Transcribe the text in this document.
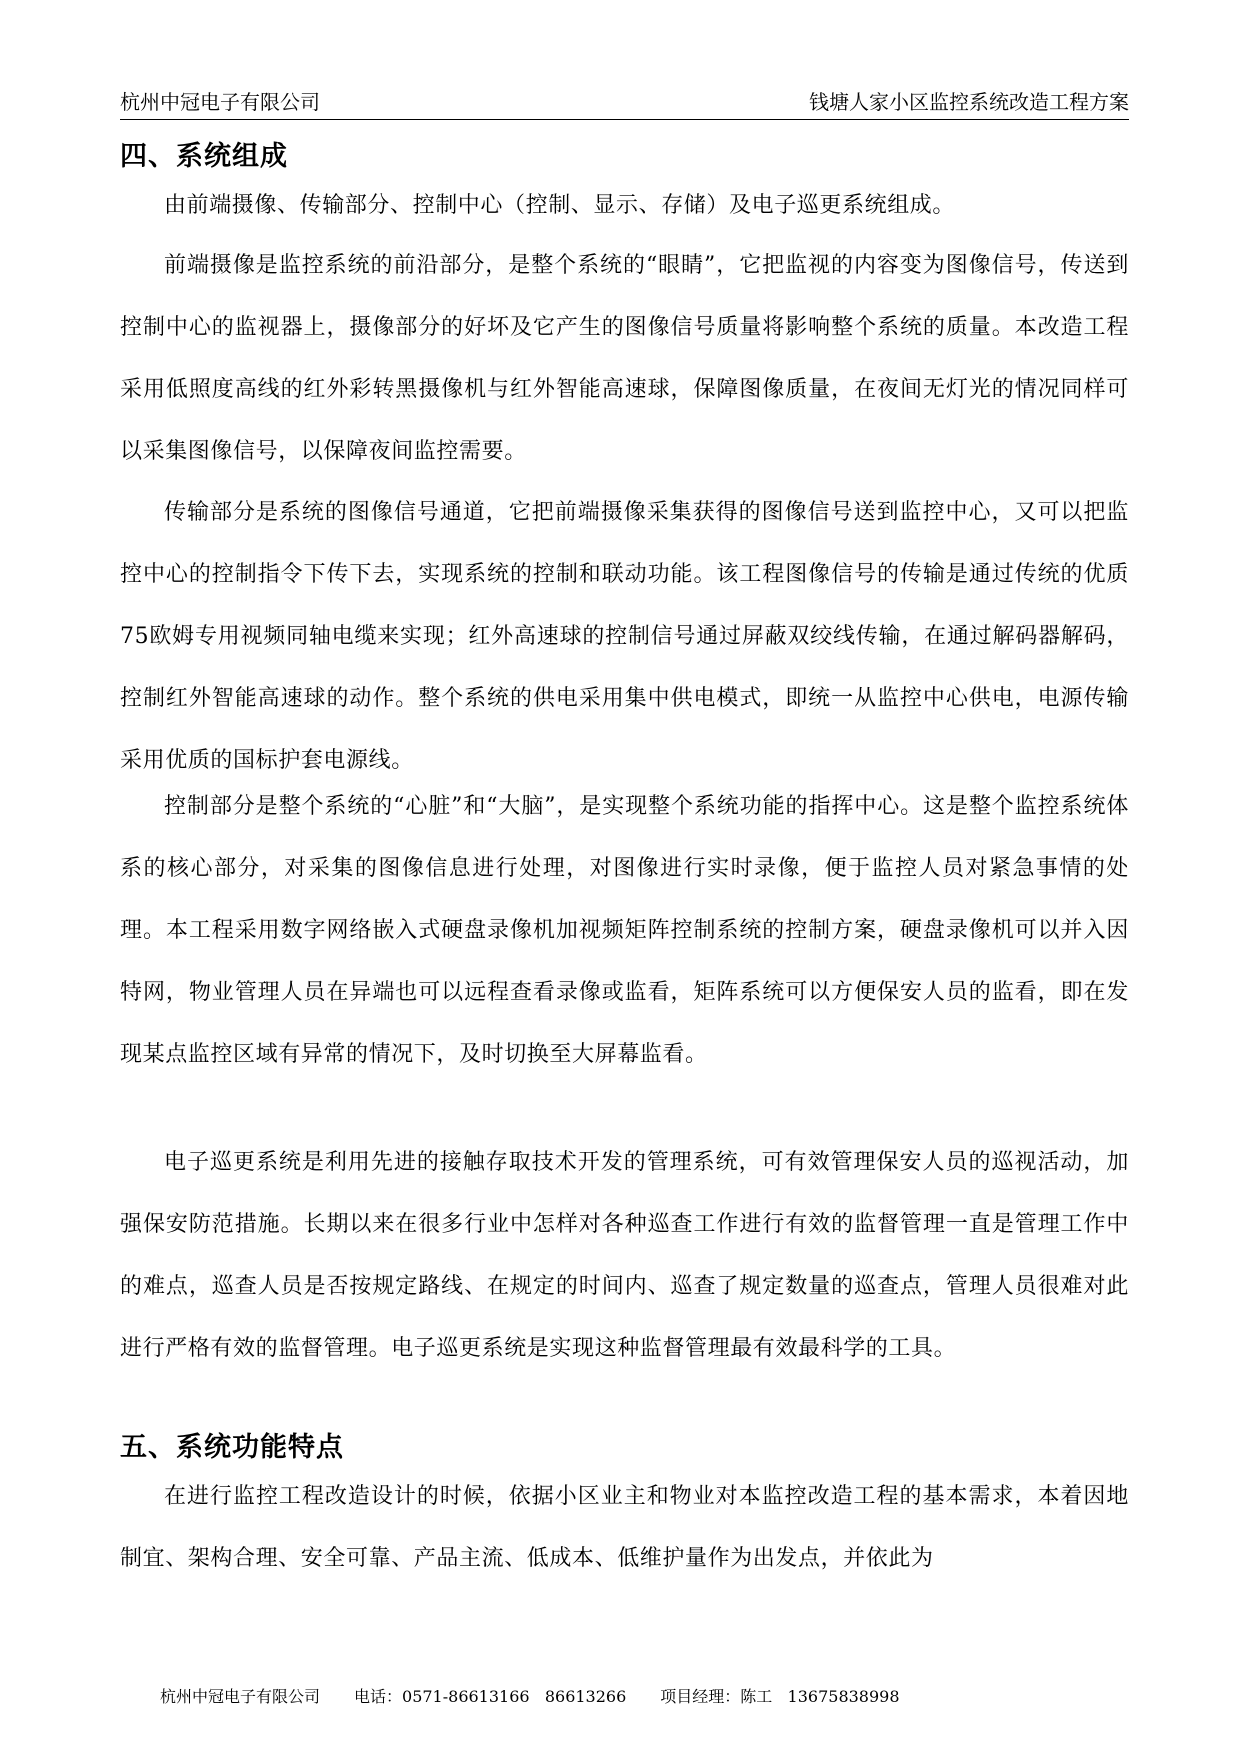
杭州中冠电子有限公司	钱塘人家小区监控系统改造工程方案
四、系统组成

由前端摄像、传输部分、控制中心（控制、显示、存储）及电子巡更系统组成。

前端摄像是监控系统的前沿部分，是整个系统的“眼睛”，它把监视的内容变为图像信号，传送到控制中心的监视器上，摄像部分的好坏及它产生的图像信号质量将影响整个系统的质量。本改造工程采用低照度高线的红外彩转黑摄像机与红外智能高速球，保障图像质量，在夜间无灯光的情况同样可以采集图像信号，以保障夜间监控需要。

传输部分是系统的图像信号通道，它把前端摄像采集获得的图像信号送到监控中心，又可以把监控中心的控制指令下传下去，实现系统的控制和联动功能。该工程图像信号的传输是通过传统的优质75欧姆专用视频同轴电缆来实现；红外高速球的控制信号通过屏蔽双绞线传输，在通过解码器解码，控制红外智能高速球的动作。整个系统的供电采用集中供电模式，即统一从监控中心供电，电源传输采用优质的国标护套电源线。

控制部分是整个系统的“心脏”和“大脑”，是实现整个系统功能的指挥中心。这是整个监控系统体系的核心部分，对采集的图像信息进行处理，对图像进行实时录像，便于监控人员对紧急事情的处理。本工程采用数字网络嵌入式硬盘录像机加视频矩阵控制系统的控制方案，硬盘录像机可以并入因特网，物业管理人员在异端也可以远程查看录像或监看，矩阵系统可以方便保安人员的监看，即在发现某点监控区域有异常的情况下，及时切换至大屏幕监看。

电子巡更系统是利用先进的接触存取技术开发的管理系统，可有效管理保安人员的巡视活动，加强保安防范措施。长期以来在很多行业中怎样对各种巡查工作进行有效的监督管理一直是管理工作中的难点，巡查人员是否按规定路线、在规定的时间内、巡查了规定数量的巡查点，管理人员很难对此进行严格有效的监督管理。电子巡更系统是实现这种监督管理最有效最科学的工具。

五、系统功能特点

在进行监控工程改造设计的时候，依据小区业主和物业对本监控改造工程的基本需求，本着因地制宜、架构合理、安全可靠、产品主流、低成本、低维护量作为出发点，并依此为

杭州中冠电子有限公司 电话：0571-86613166   86613266 项目经理：陈工   13675838998
